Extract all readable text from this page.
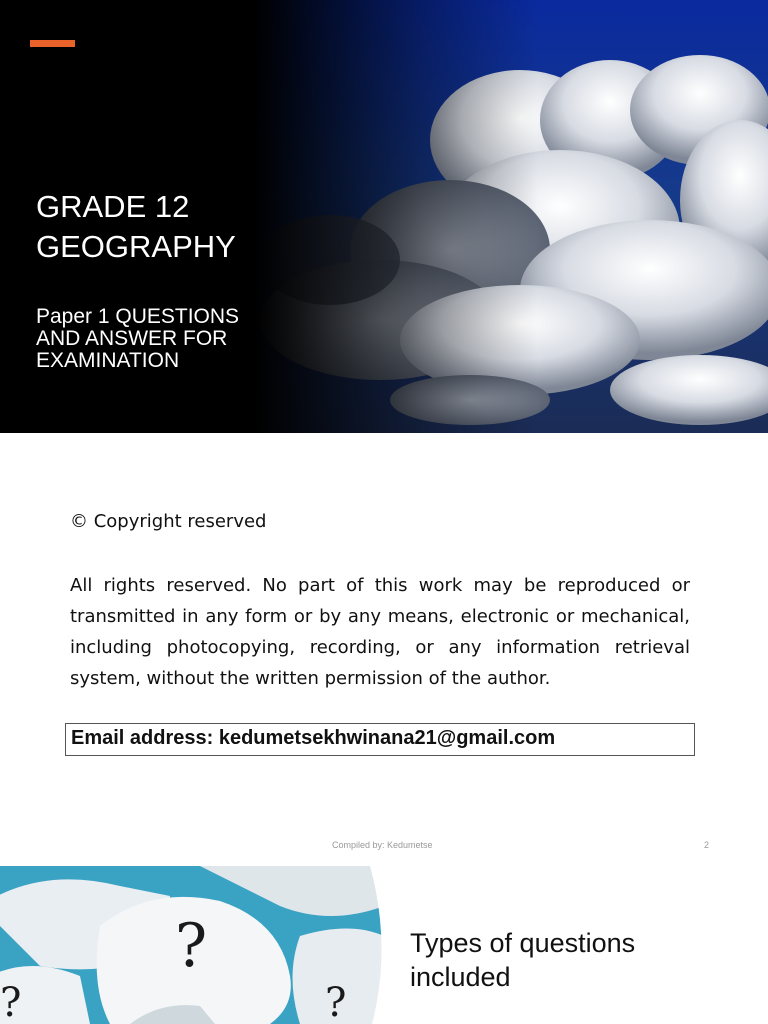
GRADE 12
GEOGRAPHY
Paper 1 QUESTIONS
AND ANSWER FOR
EXAMINATION
© Copyright reserved
All rights reserved. No part of this work may be reproduced or transmitted in any form or by any means, electronic or mechanical, including photocopying, recording, or any information retrieval system, without the written permission of the author.
Email address: kedumetsekhwinana21@gmail.com
Compiled by: Kedumetse	2
?
?
?
Types of questions
included
